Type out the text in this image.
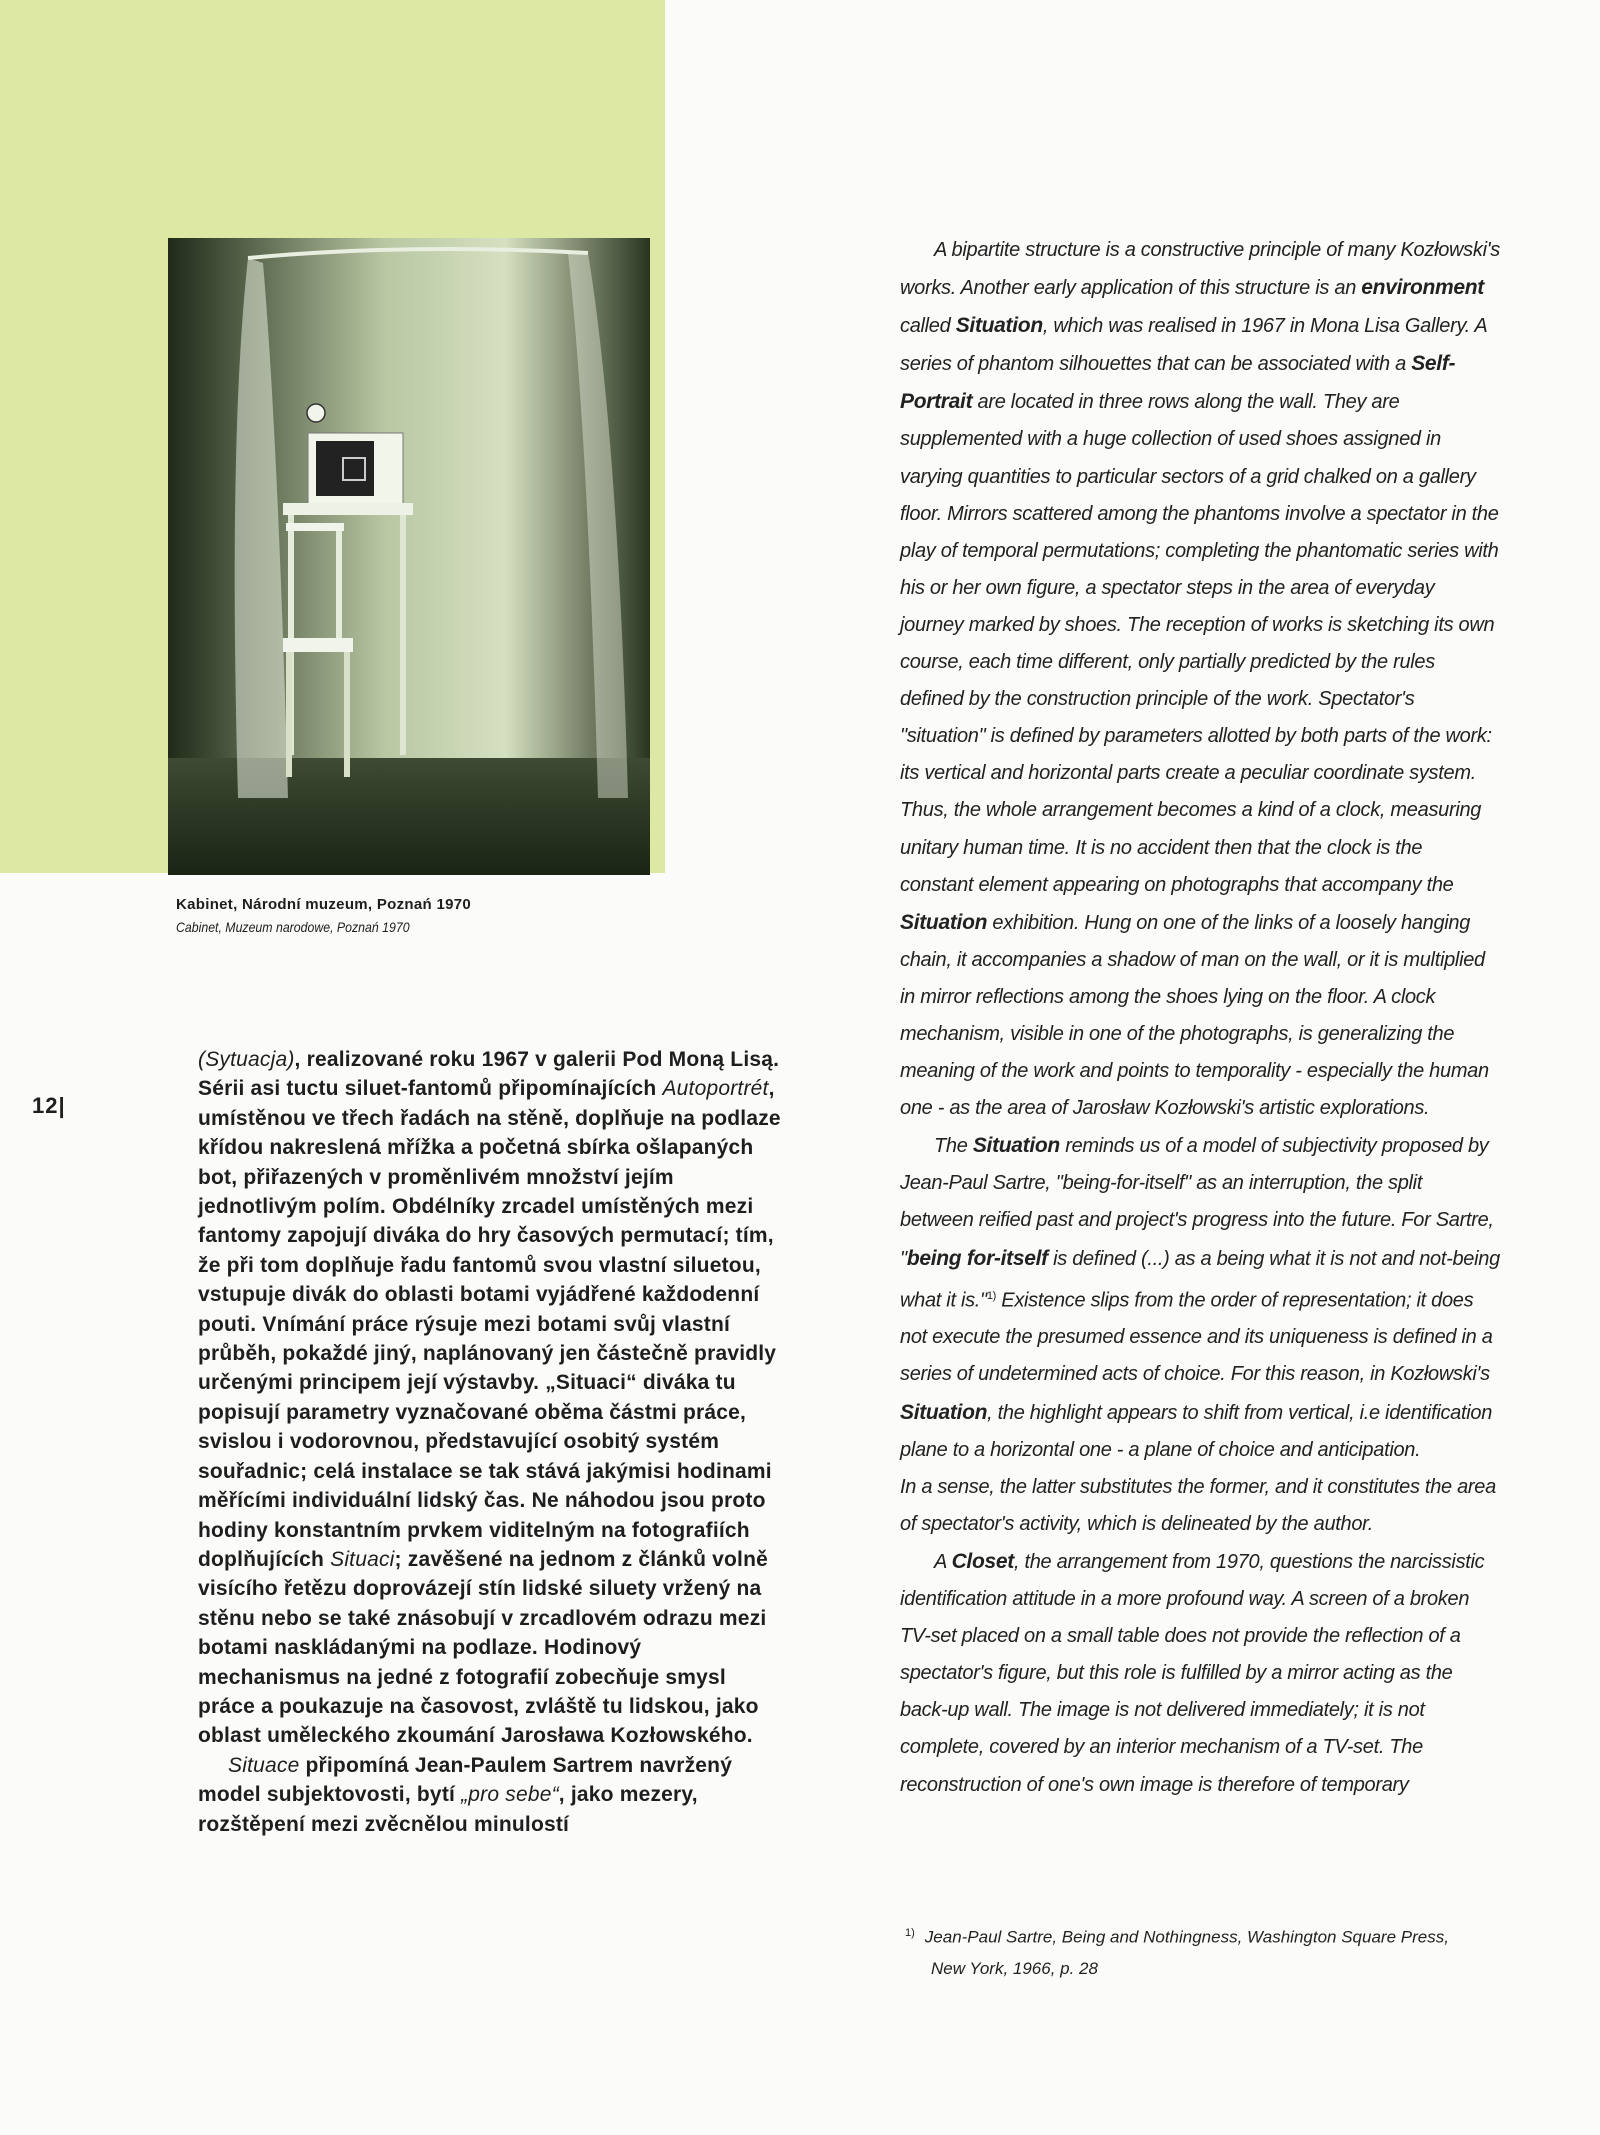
Kabinet, Národní muzeum, Poznań 1970
Cabinet, Muzeum narodowe, Poznań 1970
12|

(Sytuacja), realizované roku 1967 v galerii Pod Moną Lisą. Sérii asi tuctu siluet-fantomů připomínajících Autoportrét, umístěnou ve třech řadách na stěně, doplňuje na podlaze křídou nakreslená mřížka a početná sbírka ošlapaných bot, přiřazených v proměnlivém množství jejím jednotlivým polím. Obdélníky zrcadel umístěných mezi fantomy zapojují diváka do hry časových permutací; tím, že při tom doplňuje řadu fantomů svou vlastní siluetou, vstupuje divák do oblasti botami vyjádřené každodenní pouti. Vnímání práce rýsuje mezi botami svůj vlastní průběh, pokaždé jiný, naplánovaný jen částečně pravidly určenými principem její výstavby. „Situaci“ diváka tu popisují parametry vyznačované oběma částmi práce, svislou i vodorovnou, představující osobitý systém souřadnic; celá instalace se tak stává jakýmisi hodinami měřícími individuální lidský čas. Ne náhodou jsou proto hodiny konstantním prvkem viditelným na fotografiích doplňujících Situaci; zavěšené na jednom z článků volně visícího řetězu doprovázejí stín lidské siluety vržený na stěnu nebo se také znásobují v zrcadlovém odrazu mezi botami naskládanými na podlaze. Hodinový mechanismus na jedné z fotografií zobecňuje smysl práce a poukazuje na časovost, zvláště tu lidskou, jako oblast uměleckého zkoumání Jarosława Kozłowského.

Situace připomíná Jean-Paulem Sartrem navržený model subjektovosti, bytí „pro sebe“, jako mezery, rozštěpení mezi zvěcnělou minulostí

A bipartite structure is a constructive principle of many Kozłowski's works. Another early application of this structure is an environment called Situation, which was realised in 1967 in Mona Lisa Gallery. A series of phantom silhouettes that can be associated with a Self-Portrait are located in three rows along the wall. They are supplemented with a huge collection of used shoes assigned in varying quantities to particular sectors of a grid chalked on a gallery floor. Mirrors scattered among the phantoms involve a spectator in the play of temporal permutations; completing the phantomatic series with his or her own figure, a spectator steps in the area of everyday journey marked by shoes. The reception of works is sketching its own course, each time different, only partially predicted by the rules defined by the construction principle of the work. Spectator's "situation" is defined by parameters allotted by both parts of the work: its vertical and horizontal parts create a peculiar coordinate system. Thus, the whole arrangement becomes a kind of a clock, measuring unitary human time. It is no accident then that the clock is the constant element appearing on photographs that accompany the Situation exhibition. Hung on one of the links of a loosely hanging chain, it accompanies a shadow of man on the wall, or it is multiplied in mirror reflections among the shoes lying on the floor. A clock mechanism, visible in one of the photographs, is generalizing the meaning of the work and points to temporality - especially the human one - as the area of Jarosław Kozłowski's artistic explorations.

The Situation reminds us of a model of subjectivity proposed by Jean-Paul Sartre, "being-for-itself" as an interruption, the split between reified past and project's progress into the future. For Sartre, "being for-itself is defined (...) as a being what it is not and not-being what it is."$^{1)}$ Existence slips from the order of representation; it does not execute the presumed essence and its uniqueness is defined in a series of undetermined acts of choice. For this reason, in Kozłowski's Situation, the highlight appears to shift from vertical, i.e identification plane to a horizontal one - a plane of choice and anticipation.

In a sense, the latter substitutes the former, and it constitutes the area of spectator's activity, which is delineated by the author.

A Closet, the arrangement from 1970, questions the narcissistic identification attitude in a more profound way. A screen of a broken TV-set placed on a small table does not provide the reflection of a spectator's figure, but this role is fulfilled by a mirror acting as the back-up wall. The image is not delivered immediately; it is not complete, covered by an interior mechanism of a TV-set. The reconstruction of one's own image is therefore of temporary

$^{1)}$ Jean-Paul Sartre, Being and Nothingness, Washington Square Press, New York, 1966, p. 28
